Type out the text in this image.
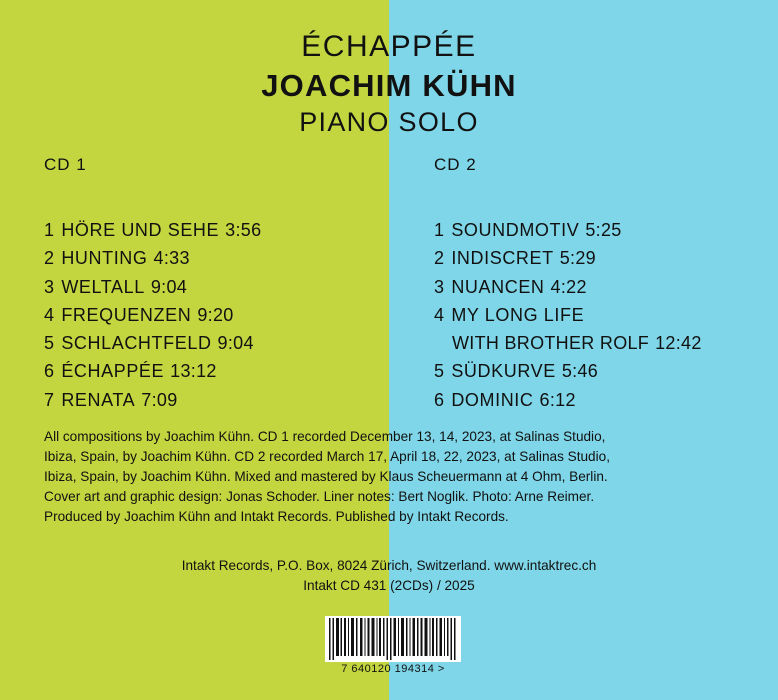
ÉCHAPPÉE
JOACHIM KÜHN
PIANO SOLO
CD 1
1 HÖRE UND SEHE 3:56
2 HUNTING 4:33
3 WELTALL 9:04
4 FREQUENZEN 9:20
5 SCHLACHTFELD 9:04
6 ÉCHAPPÉE 13:12
7 RENATA 7:09
CD 2
1 SOUNDMOTIV 5:25
2 INDISCRET 5:29
3 NUANCEN 4:22
4 MY LONG LIFE
WITH BROTHER ROLF 12:42
5 SÜDKURVE 5:46
6 DOMINIC 6:12

All compositions by Joachim Kühn. CD 1 recorded December 13, 14, 2023, at Salinas Studio,

Ibiza, Spain, by Joachim Kühn. CD 2 recorded March 17, April 18, 22, 2023, at Salinas Studio,

Ibiza, Spain, by Joachim Kühn. Mixed and mastered by Klaus Scheuermann at 4 Ohm, Berlin.

Cover art and graphic design: Jonas Schoder. Liner notes: Bert Noglik. Photo: Arne Reimer.

Produced by Joachim Kühn and Intakt Records. Published by Intakt Records.

Intakt Records, P.O. Box, 8024 Zürich, Switzerland. www.intaktrec.ch
Intakt CD 431 (2CDs) / 2025
7 640120 194314 >
